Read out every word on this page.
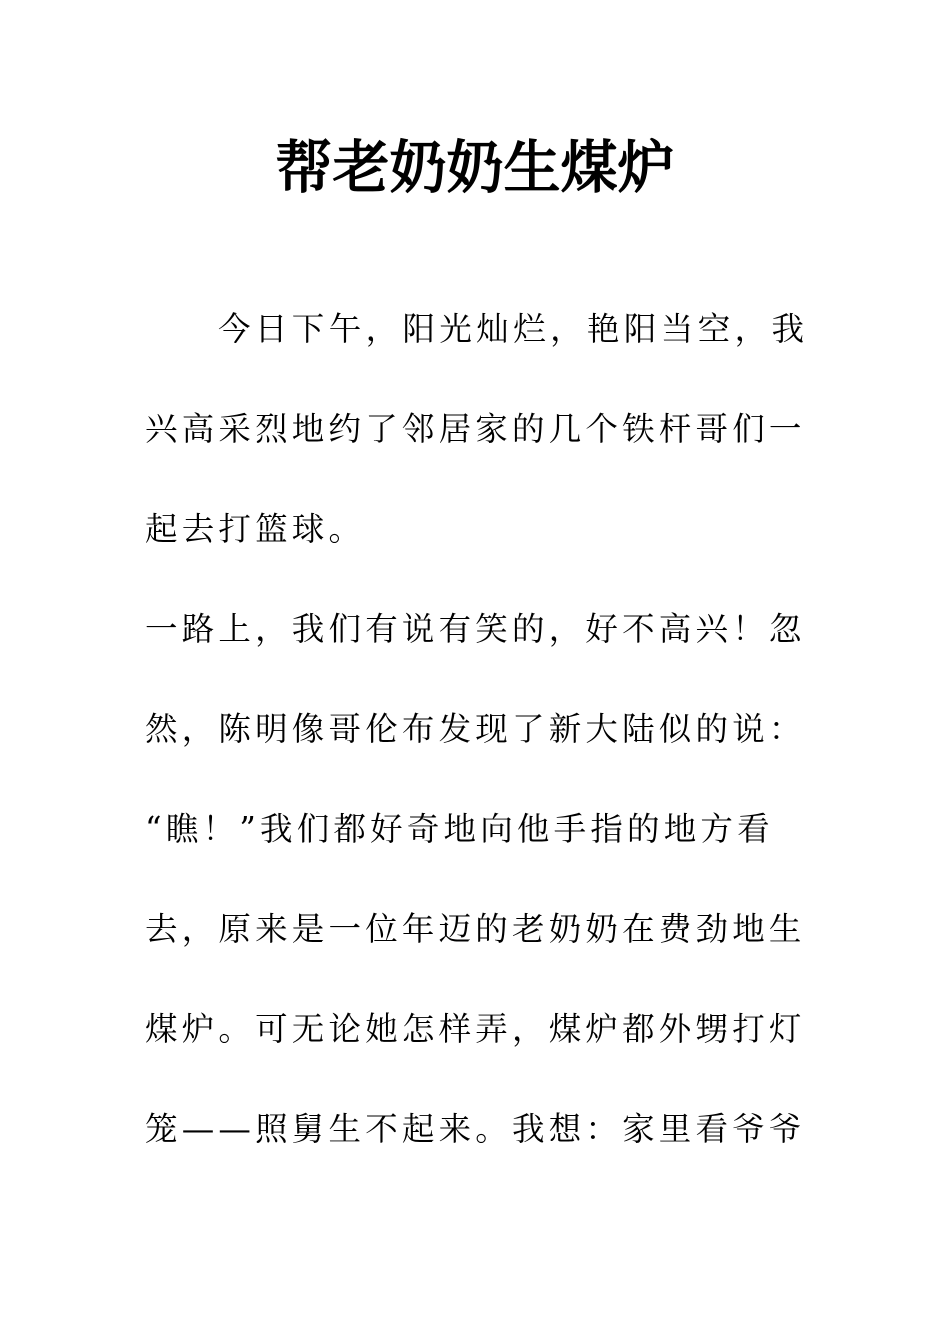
帮老奶奶生煤炉
今日下午，阳光灿烂，艳阳当空，我
兴高采烈地约了邻居家的几个铁杆哥们一
起去打篮球。
一路上，我们有说有笑的，好不高兴！忽
然，陈明像哥伦布发现了新大陆似的说：
“瞧！”我们都好奇地向他手指的地方看
去，原来是一位年迈的老奶奶在费劲地生
煤炉。可无论她怎样弄，煤炉都外甥打灯
笼——照舅生不起来。我想：家里看爷爷
